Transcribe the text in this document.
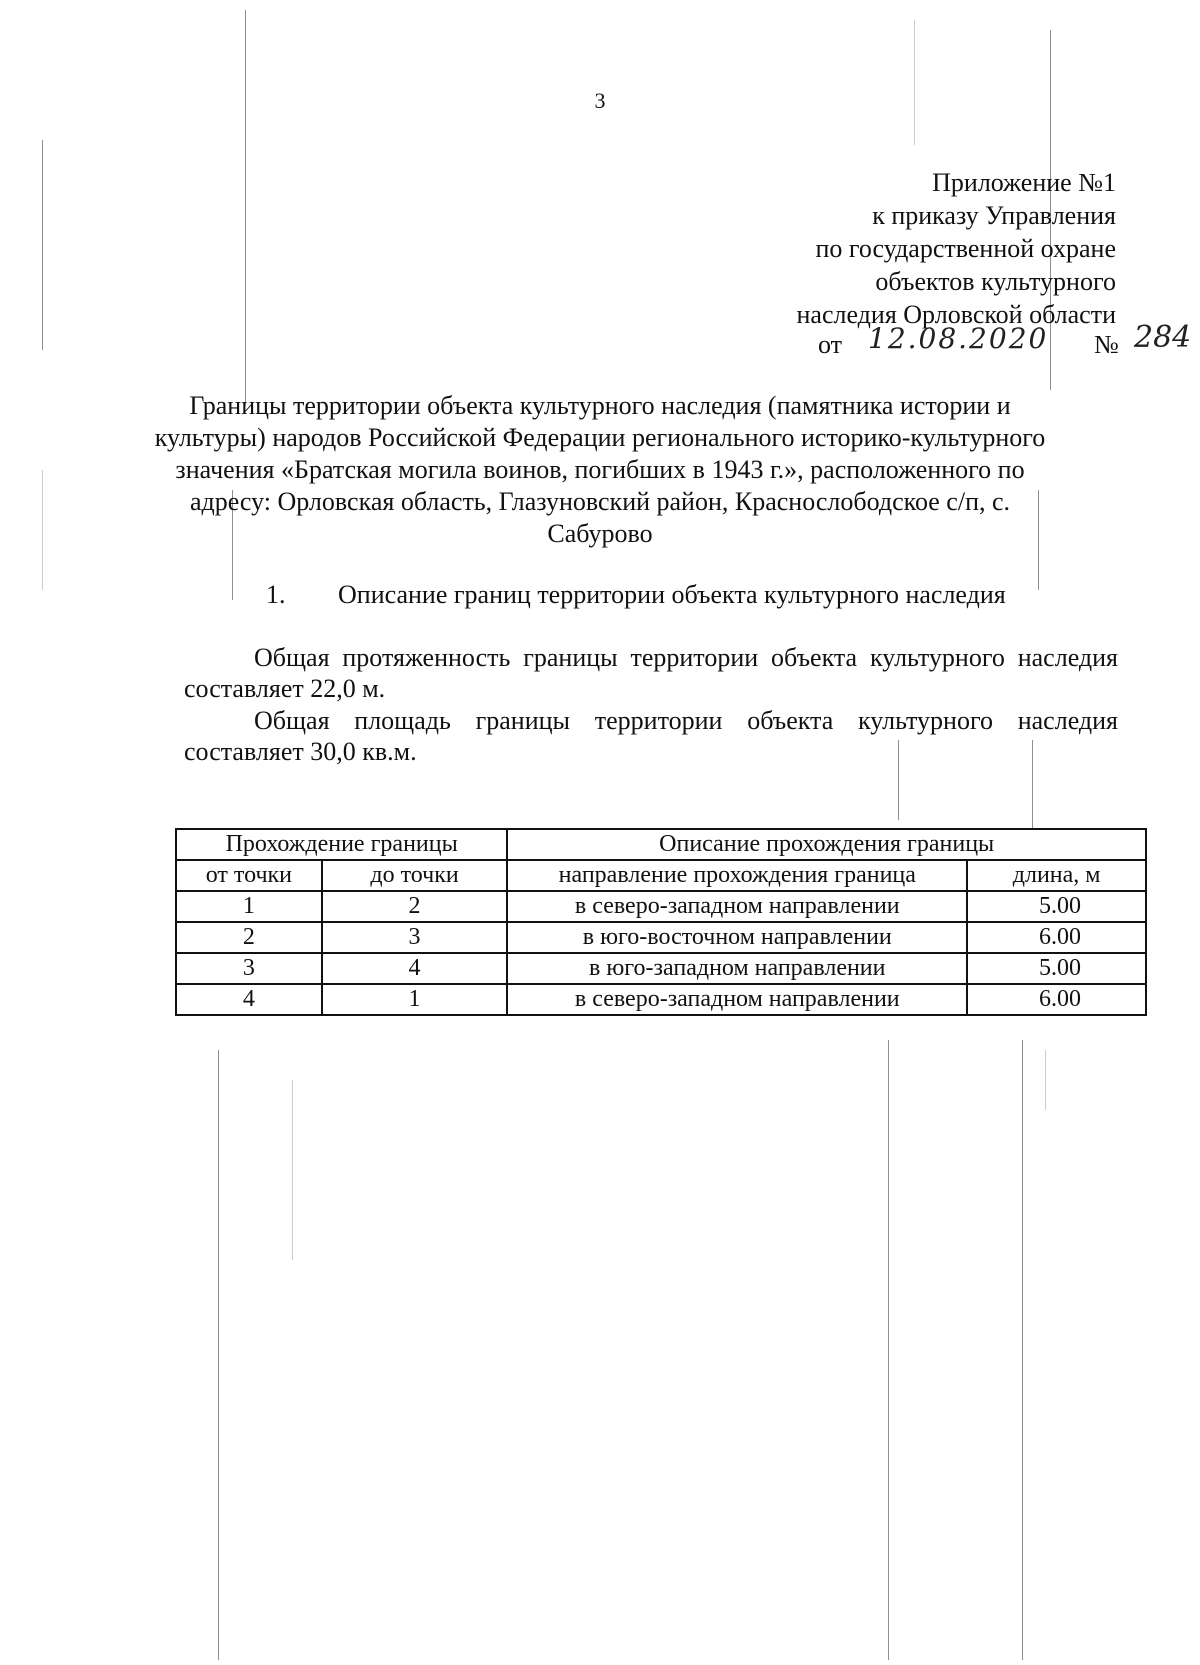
3
Приложение №1
к приказу Управления
по государственной охране
объектов культурного
наследия Орловской области
от 12.08.2020 № 284
Границы территории объекта культурного наследия (памятника истории и культуры) народов Российской Федерации регионального историко-культурного значения «Братская могила воинов, погибших в 1943 г.», расположенного по адресу: Орловская область, Глазуновский район, Краснослободское с/п, с. Сабурово
1. Описание границ территории объекта культурного наследия

Общая протяженность границы территории объекта культурного наследия составляет 22,0 м.

Общая площадь границы территории объекта культурного наследия составляет 30,0 кв.м.

Прохождение границы		Описание прохождения границы	
от точки	до точки	направление прохождения граница	длина, м
1	2	в северо-западном направлении	5.00
2	3	в юго-восточном направлении	6.00
3	4	в юго-западном направлении	5.00
4	1	в северо-западном направлении	6.00
